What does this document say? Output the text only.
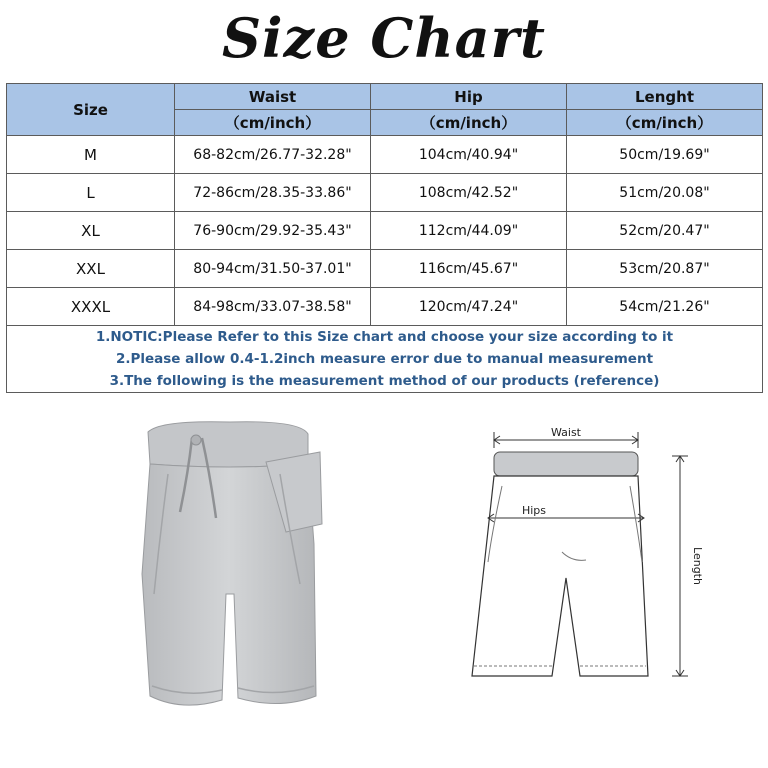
Size Chart
Size	Waist	Hip	Lenght
	（cm/inch）	（cm/inch）	（cm/inch）
M	68-82cm/26.77-32.28"	104cm/40.94"	50cm/19.69"
L	72-86cm/28.35-33.86"	108cm/42.52"	51cm/20.08"
XL	76-90cm/29.92-35.43"	112cm/44.09"	52cm/20.47"
XXL	80-94cm/31.50-37.01"	116cm/45.67"	53cm/20.87"
XXXL	84-98cm/33.07-38.58"	120cm/47.24"	54cm/21.26"

1.NOTIC:Please Refer to this Size chart and choose your size according to it
2.Please allow 0.4-1.2inch measure error due to manual measurement
3.The following is the measurement method of our products (reference)			
Waist
Hips
Length
